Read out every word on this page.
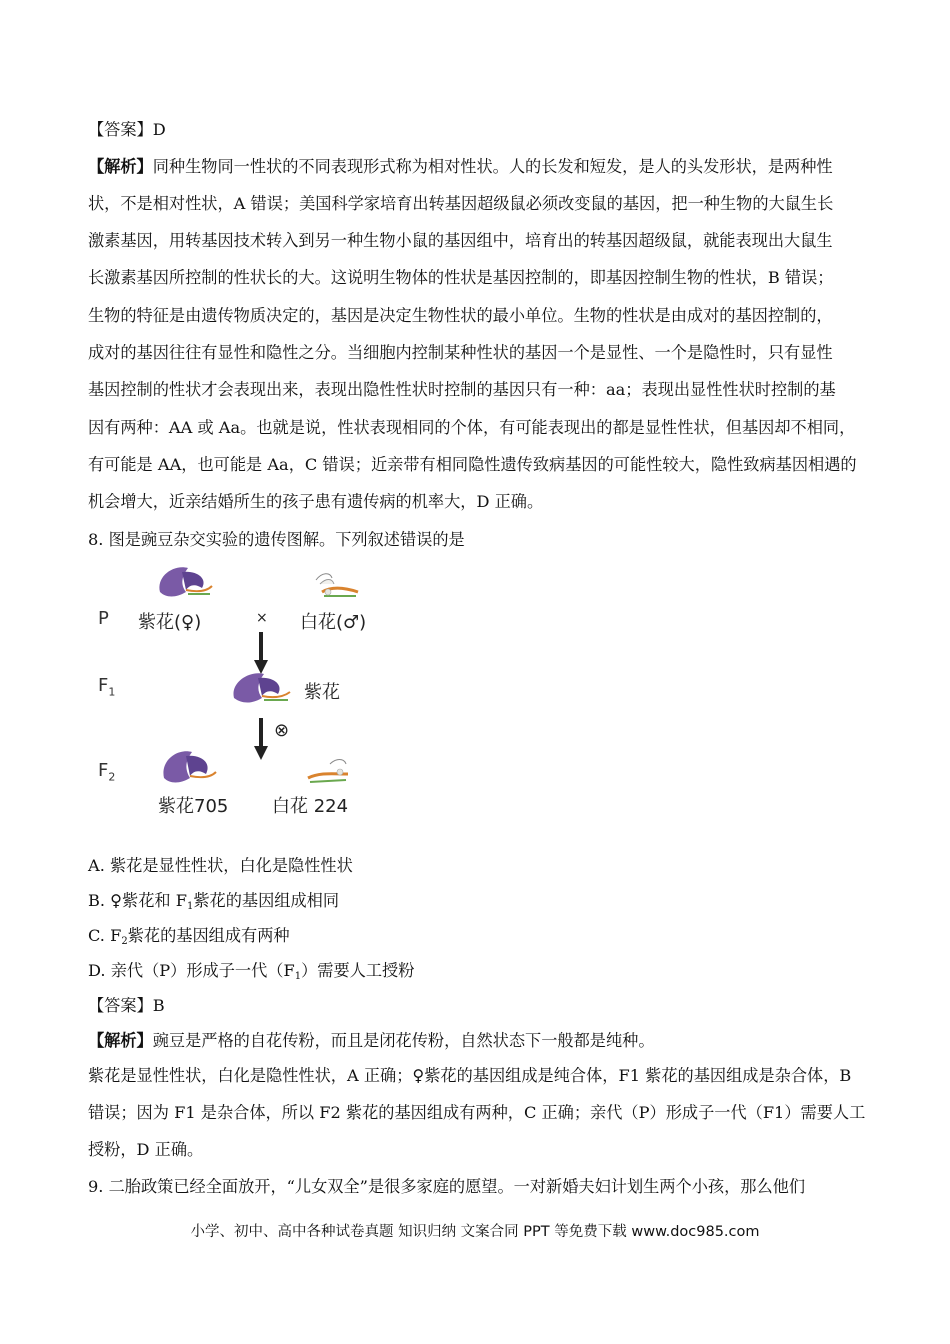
【答案】D
【解析】同种生物同一性状的不同表现形式称为相对性状。人的长发和短发，是人的头发形状，是两种性
状，不是相对性状，A 错误；美国科学家培育出转基因超级鼠必须改变鼠的基因，把一种生物的大鼠生长
激素基因，用转基因技术转入到另一种生物小鼠的基因组中，培育出的转基因超级鼠，就能表现出大鼠生
长激素基因所控制的性状长的大。这说明生物体的性状是基因控制的，即基因控制生物的性状，B 错误；
生物的特征是由遗传物质决定的，基因是决定生物性状的最小单位。生物的性状是由成对的基因控制的，
成对的基因往往有显性和隐性之分。当细胞内控制某种性状的基因一个是显性、一个是隐性时，只有显性
基因控制的性状才会表现出来，表现出隐性性状时控制的基因只有一种：aa；表现出显性性状时控制的基
因有两种：AA 或 Aa。也就是说，性状表现相同的个体，有可能表现出的都是显性性状，但基因却不相同，
有可能是 AA，也可能是 Aa，C 错误；近亲带有相同隐性遗传致病基因的可能性较大，隐性致病基因相遇的
机会增大，近亲结婚所生的孩子患有遗传病的机率大，D 正确。
8. 图是豌豆杂交实验的遗传图解。下列叙述错误的是
P
$F_1$
$F_2$
紫花(♀)	× 白花(♂)
紫花
⊗
紫花705 白花 224
A. 紫花是显性性状，白化是隐性性状
B. ♀紫花和 $F_1$紫花的基因组成相同
C. $F_2$紫花的基因组成有两种
D. 亲代（P）形成子一代$(F_1)$需要人工授粉
【答案】B
【解析】豌豆是严格的自花传粉，而且是闭花传粉，自然状态下一般都是纯种。
紫花是显性性状，白化是隐性性状，A 正确；♀紫花的基因组成是纯合体，F1 紫花的基因组成是杂合体，B
错误；因为 F1 是杂合体，所以 F2 紫花的基因组成有两种，C 正确；亲代（P）形成子一代（F1）需要人工
授粉，D 正确。
9. 二胎政策已经全面放开，“儿女双全”是很多家庭的愿望。一对新婚夫妇计划生两个小孩，那么他们
小学、初中、高中各种试卷真题 知识归纳 文案合同 PPT 等免费下载 www.doc985.com
